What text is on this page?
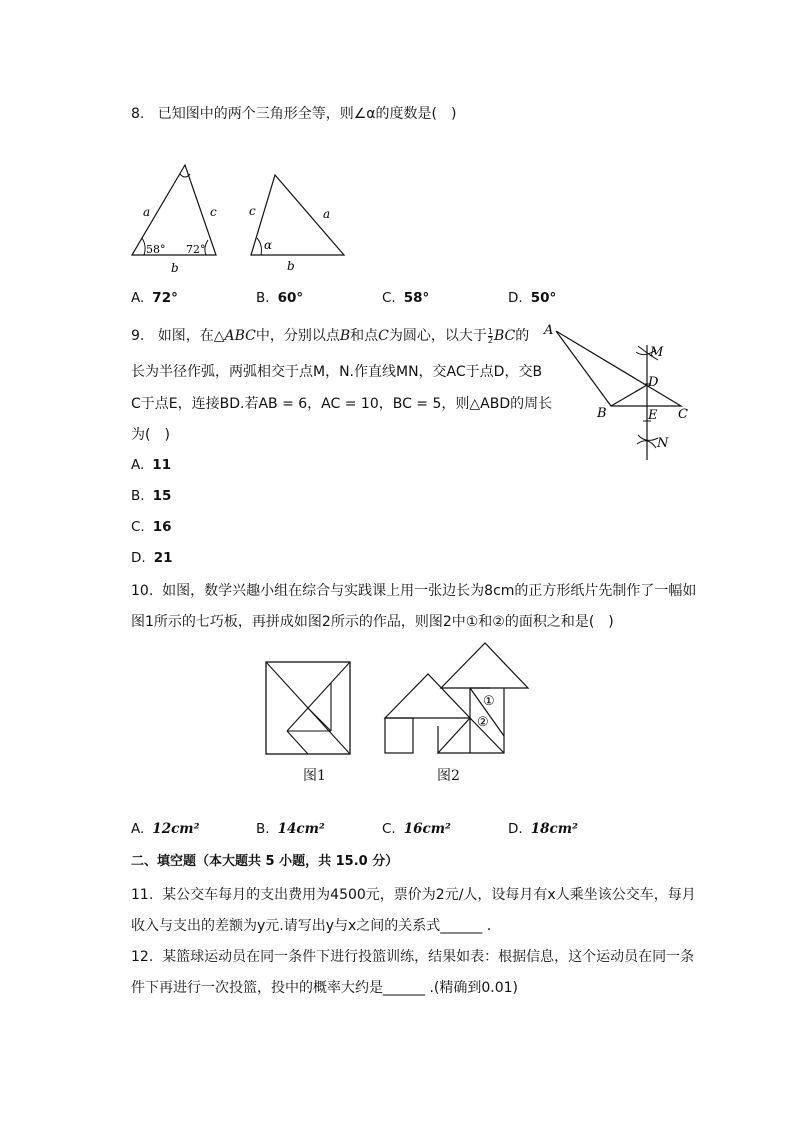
8. 已知图中的两个三角形全等，则∠α的度数是(　)
a	c
b
58° 72°
c	a
b
α
A. 72°	B. 60°	C. 58°	D. 50°
9. 如图，在△ABC中，分别以点B和点C为圆心，以大于 $\frac{1}{2}$ BC的
长为半径作弧，两弧相交于点M，N.作直线MN，交AC于点D，交B
C于点E，连接BD.若AB = 6，AC = 10，BC = 5，则△ABD的周长
为(　)
A
M
D
B	E C
N
A. 11
B. 15
C. 16
D. 21
10. 如图，数学兴趣小组在综合与实践课上用一张边长为8cm的正方形纸片先制作了一幅如
图1所示的七巧板，再拼成如图2所示的作品，则图2中①和②的面积之和是(　)
图1
①
②
图2
A. 12cm²	B. 14cm²	C. 16cm²	D. 18cm²
二、填空题（本大题共 5 小题，共 15.0 分）
11. 某公交车每月的支出费用为4500元，票价为2元/人，设每月有x人乘坐该公交车，每月
收入与支出的差额为y元.请写出y与x之间的关系式______ .
12. 某篮球运动员在同一条件下进行投篮训练，结果如表：根据信息，这个运动员在同一条
件下再进行一次投篮，投中的概率大约是______ .(精确到0.01)
